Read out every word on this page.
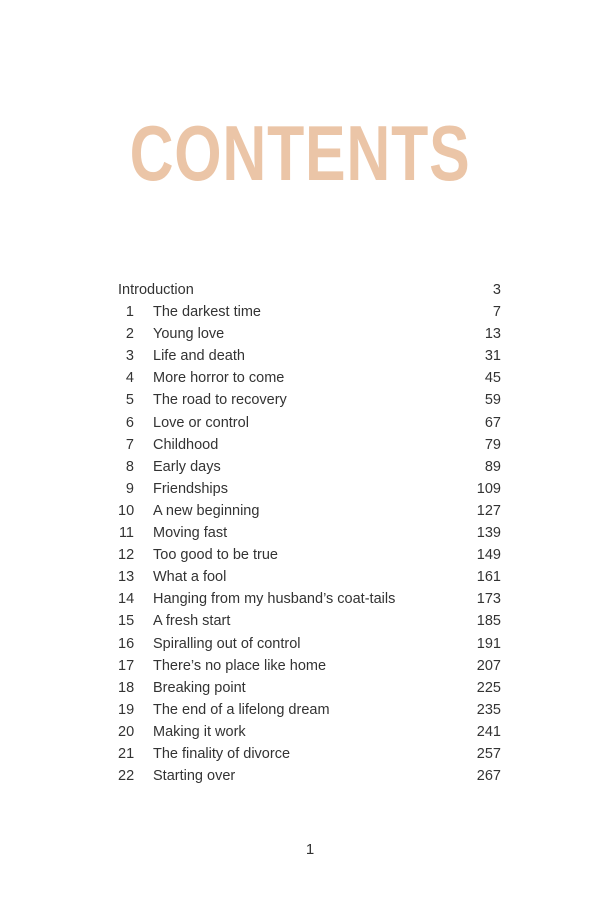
CONTENTS
Introduction	3
1 The darkest time	7
2 Young love	13
3 Life and death	31
4 More horror to come	45
5 The road to recovery	59
6 Love or control	67
7 Childhood	79
8 Early days	89
9 Friendships	109
10 A new beginning	127
11 Moving fast	139
12 Too good to be true	149
13 What a fool	161
14 Hanging from my husband’s coat-tails	173
15 A fresh start	185
16 Spiralling out of control	191
17 There’s no place like home	207
18 Breaking point	225
19 The end of a lifelong dream	235
20 Making it work	241
21 The finality of divorce	257
22 Starting over	267
1
